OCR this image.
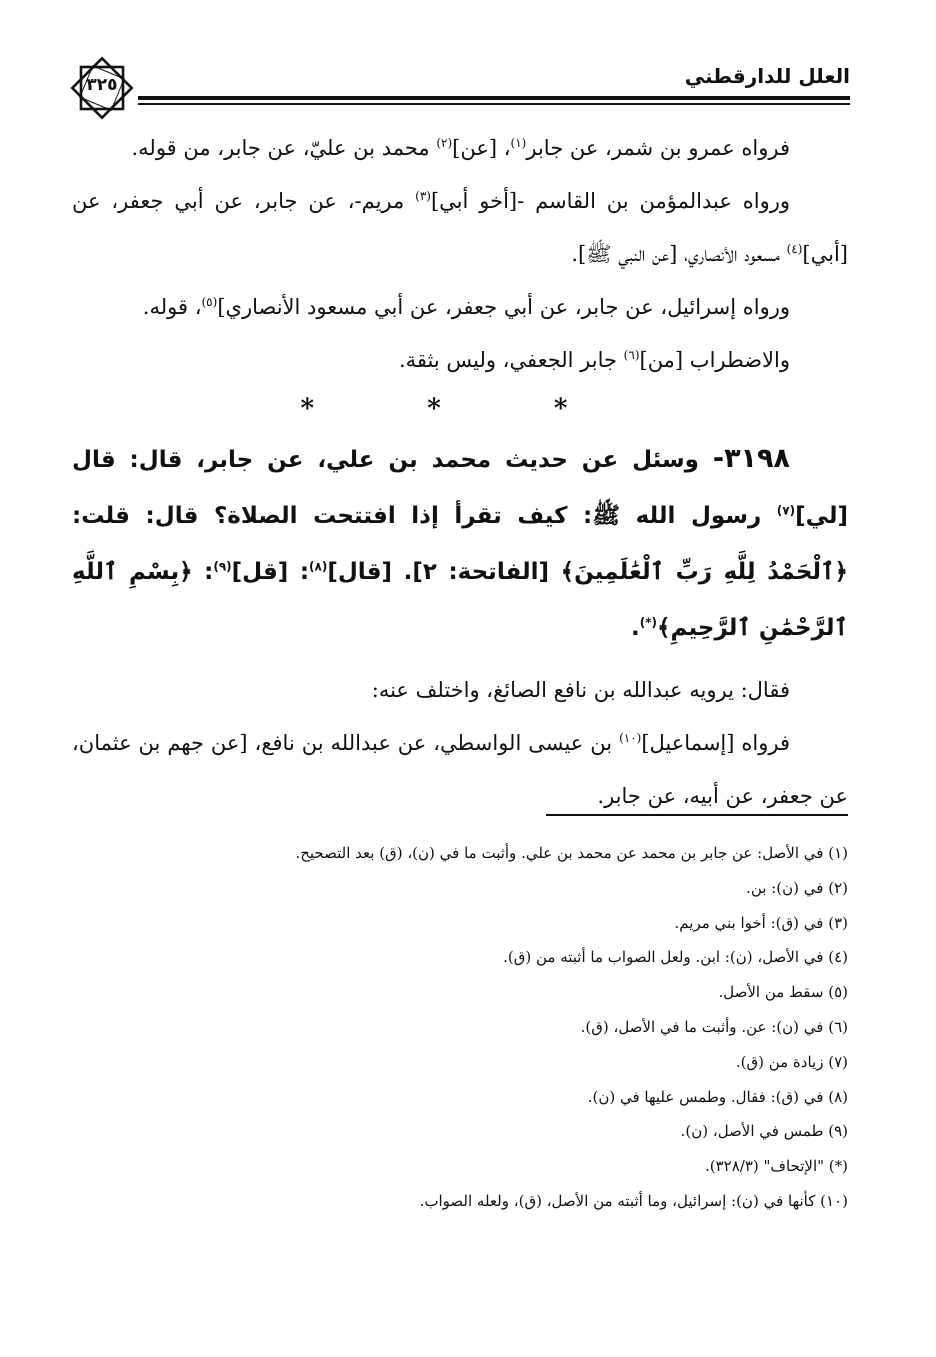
٣٢٥	العلل للدارقطني

فرواه عمرو بن شمر، عن جابر$^{(١)}$، [عن]$^{(٢)}$ محمد بن عليّ، عن جابر، من قوله.

ورواه عبدالمؤمن بن القاسم -[أخو أبي]$^{(٣)}$ مريم-، عن جابر، عن أبي جعفر، عن [أبي]$^{(٤)}$ مسعود الأنصاري، [عن النبي ﷺ].

ورواه إسرائيل، عن جابر، عن أبي جعفر، عن أبي مسعود الأنصاري]$^{(٥)}$، قوله.

والاضطراب [من]$^{(٦)}$ جابر الجعفي، وليس بثقة.

* * *

٣١٩٨- وسئل عن حديث محمد بن علي، عن جابر، قال: قال [لي]$^{(٧)}$ رسول الله ﷺ: كيف تقرأ إذا افتتحت الصلاة؟ قال: قلت: ﴿ٱلْحَمْدُ لِلَّهِ رَبِّ ٱلْعَٰلَمِينَ﴾ [الفاتحة: ٢]. [قال]$^{(٨)}$: [قل]$^{(٩)}$: ﴿بِسْمِ ٱللَّهِ ٱلرَّحْمَٰنِ ٱلرَّحِيمِ﴾(*).

فقال: يرويه عبدالله بن نافع الصائغ، واختلف عنه:

فرواه [إسماعيل]$^{(١٠)}$ بن عيسى الواسطي، عن عبدالله بن نافع، [عن جهم بن عثمان، عن جعفر، عن أبيه، عن جابر.

(١) في الأصل: عن جابر بن محمد عن محمد بن علي. وأثبت ما في (ن)، (ق) بعد التصحيح.
(٢) في (ن): بن.
(٣) في (ق): أخوا بني مريم.
(٤) في الأصل، (ن): ابن. ولعل الصواب ما أثبته من (ق).
(٥) سقط من الأصل.
(٦) في (ن): عن. وأثبت ما في الأصل، (ق).
(٧) زيادة من (ق).
(٨) في (ق): فقال. وطمس عليها في (ن).
(٩) طمس في الأصل، (ن).
(*) "الإتحاف" (٣٢٨/٣).
(١٠) كأنها في (ن): إسرائيل، وما أثبته من الأصل، (ق)، ولعله الصواب.
